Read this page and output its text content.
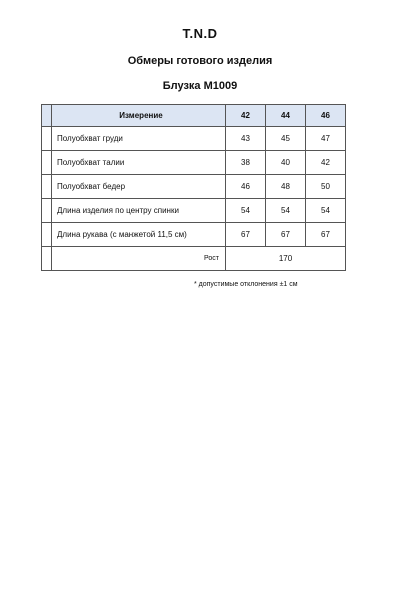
T.N.D
Обмеры готового изделия
Блузка М1009
	Измерение	42	44	46
	Полуобхват груди	43	45	47
	Полуобхват талии	38	40	42
	Полуобхват бедер	46	48	50
	Длина изделия по центру спинки	54	54	54
	Длина рукава (с манжетой 11,5 см)	67	67	67
	Рост	170		
* допустимые отклонения ±1 см
